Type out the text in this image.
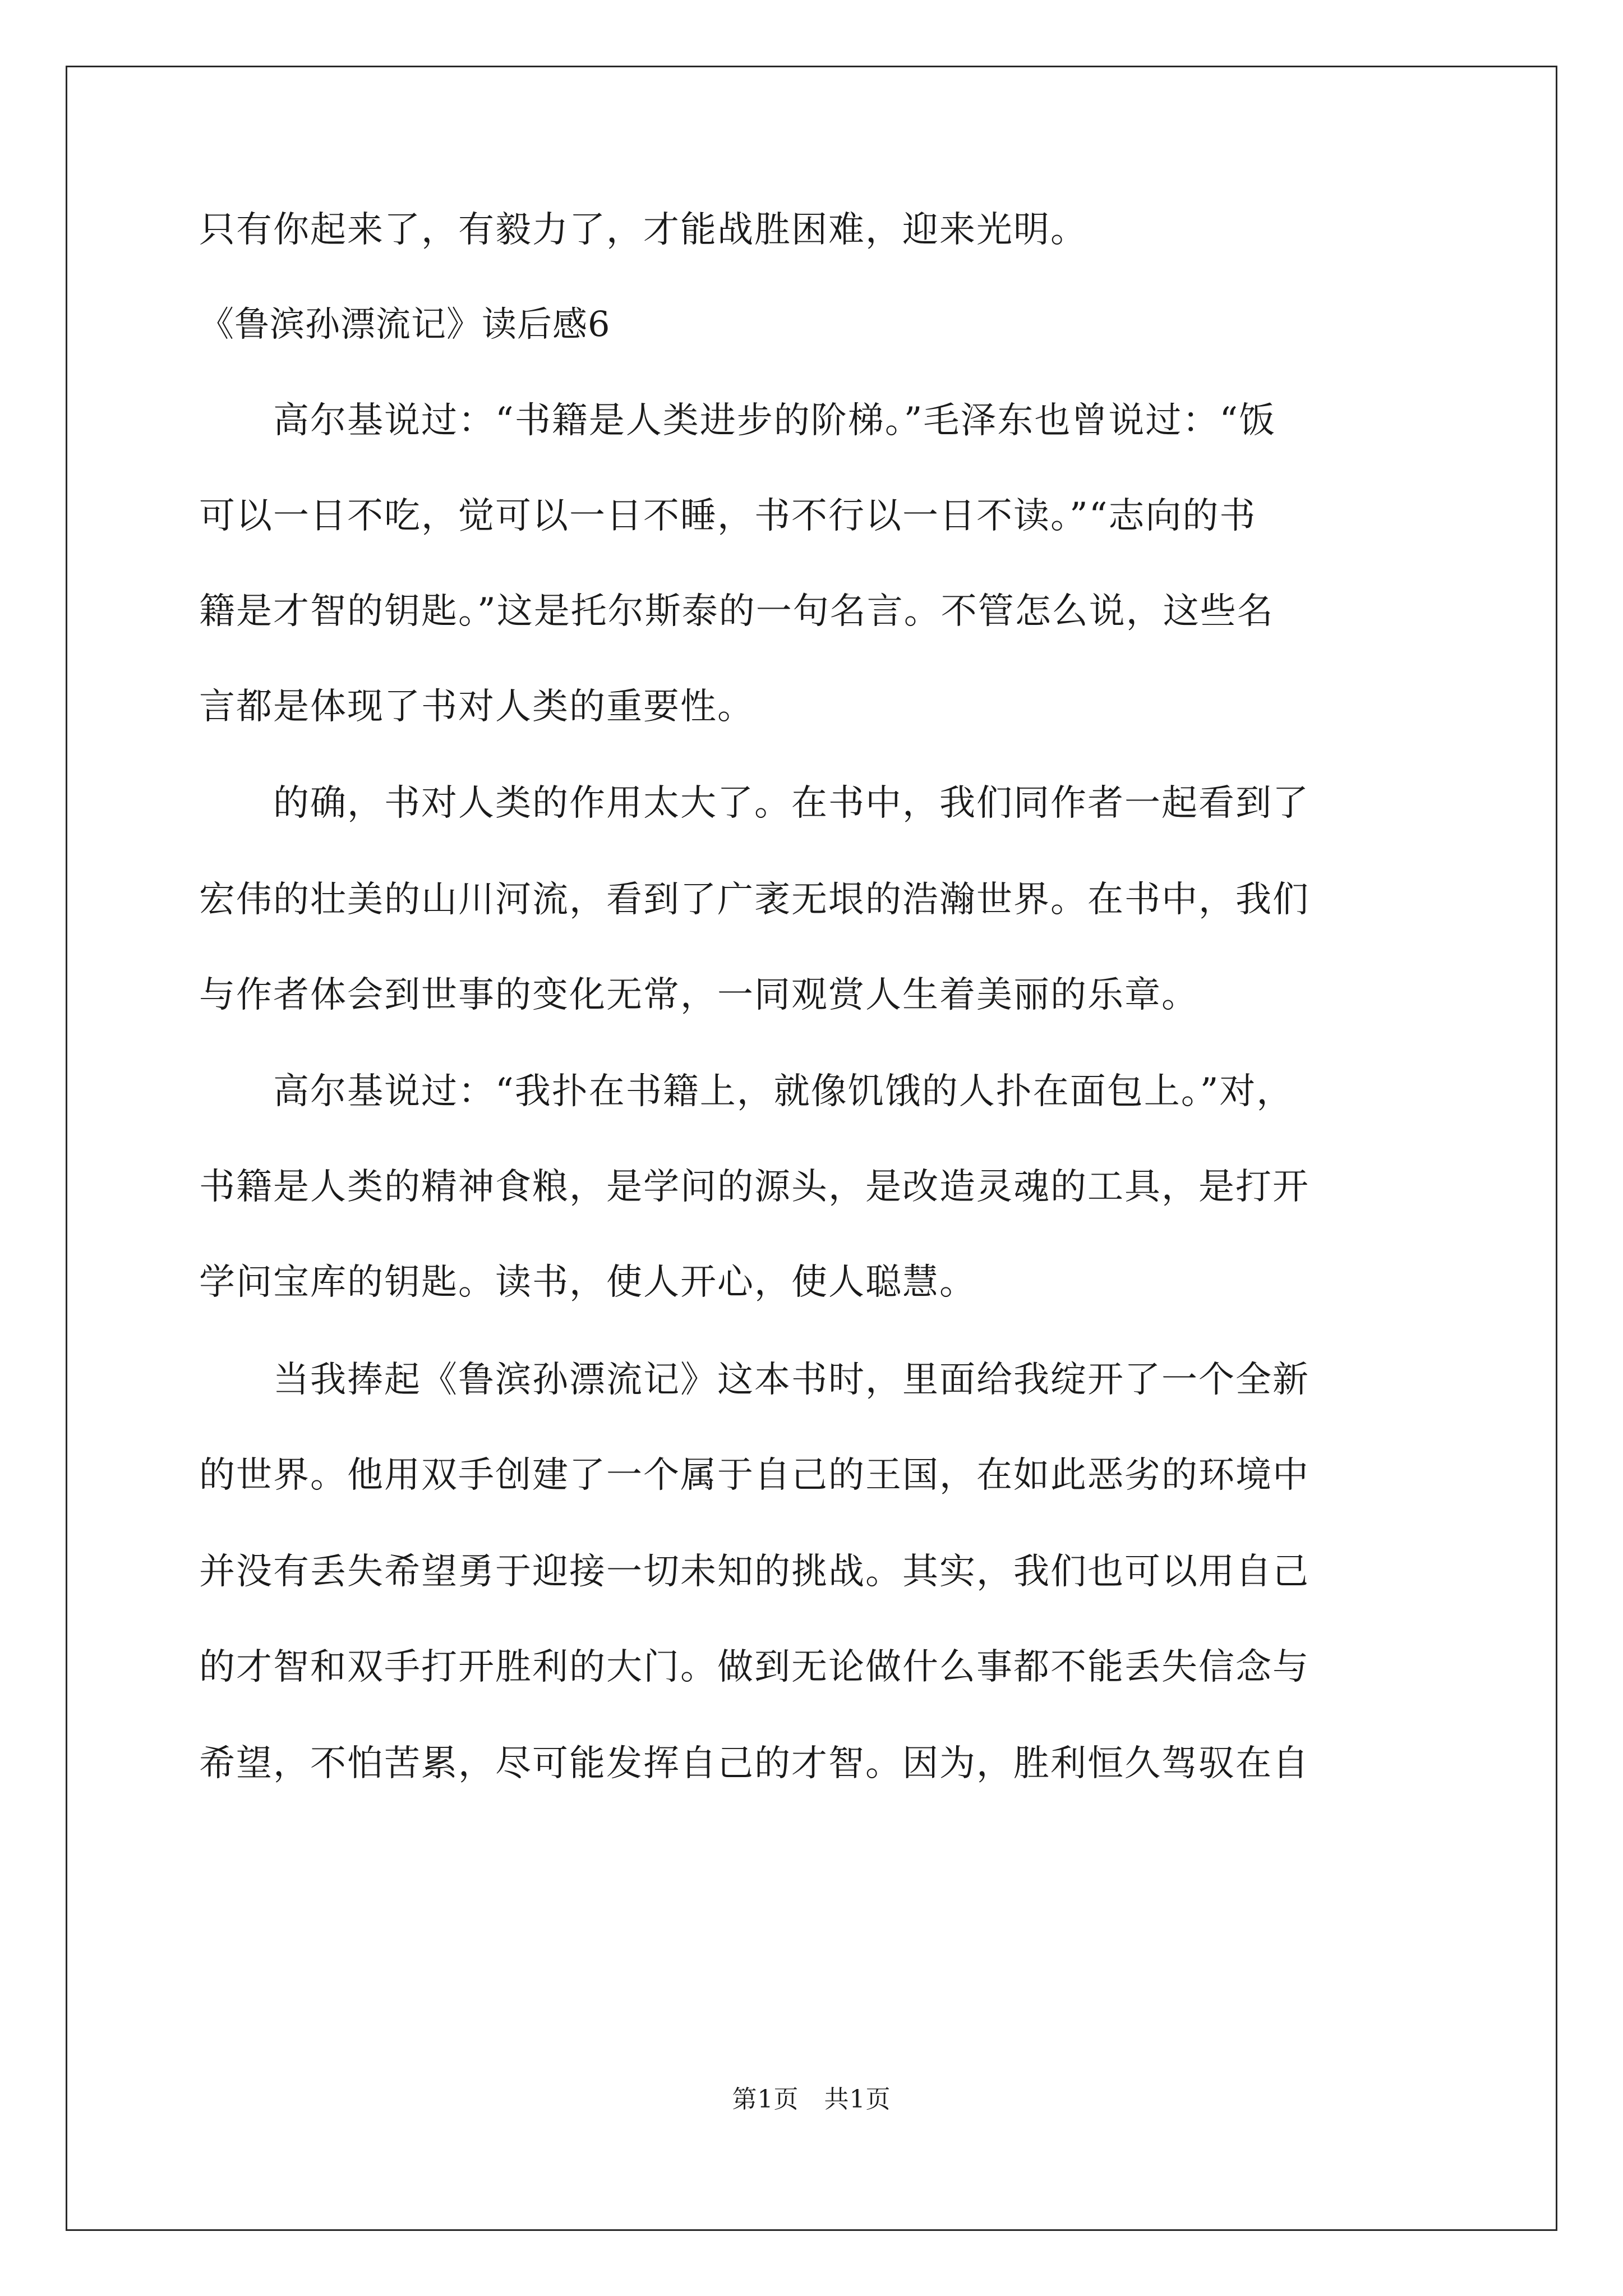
只有你起来了，有毅力了，才能战胜困难，迎来光明。
《鲁滨孙漂流记》读后感6
　　高尔基说过：“书籍是人类进步的阶梯。”毛泽东也曾说过：“饭
可以一日不吃，觉可以一日不睡，书不行以一日不读。”“志向的书
籍是才智的钥匙。”这是托尔斯泰的一句名言。不管怎么说，这些名
言都是体现了书对人类的重要性。
　　的确，书对人类的作用太大了。在书中，我们同作者一起看到了
宏伟的壮美的山川河流，看到了广袤无垠的浩瀚世界。在书中，我们
与作者体会到世事的变化无常，一同观赏人生着美丽的乐章。
　　高尔基说过：“我扑在书籍上，就像饥饿的人扑在面包上。”对，
书籍是人类的精神食粮，是学问的源头，是改造灵魂的工具，是打开
学问宝库的钥匙。读书，使人开心，使人聪慧。
　　当我捧起《鲁滨孙漂流记》这本书时，里面给我绽开了一个全新
的世界。他用双手创建了一个属于自己的王国，在如此恶劣的环境中
并没有丢失希望勇于迎接一切未知的挑战。其实，我们也可以用自己
的才智和双手打开胜利的大门。做到无论做什么事都不能丢失信念与
希望，不怕苦累，尽可能发挥自己的才智。因为，胜利恒久驾驭在自
第1页　共1页
